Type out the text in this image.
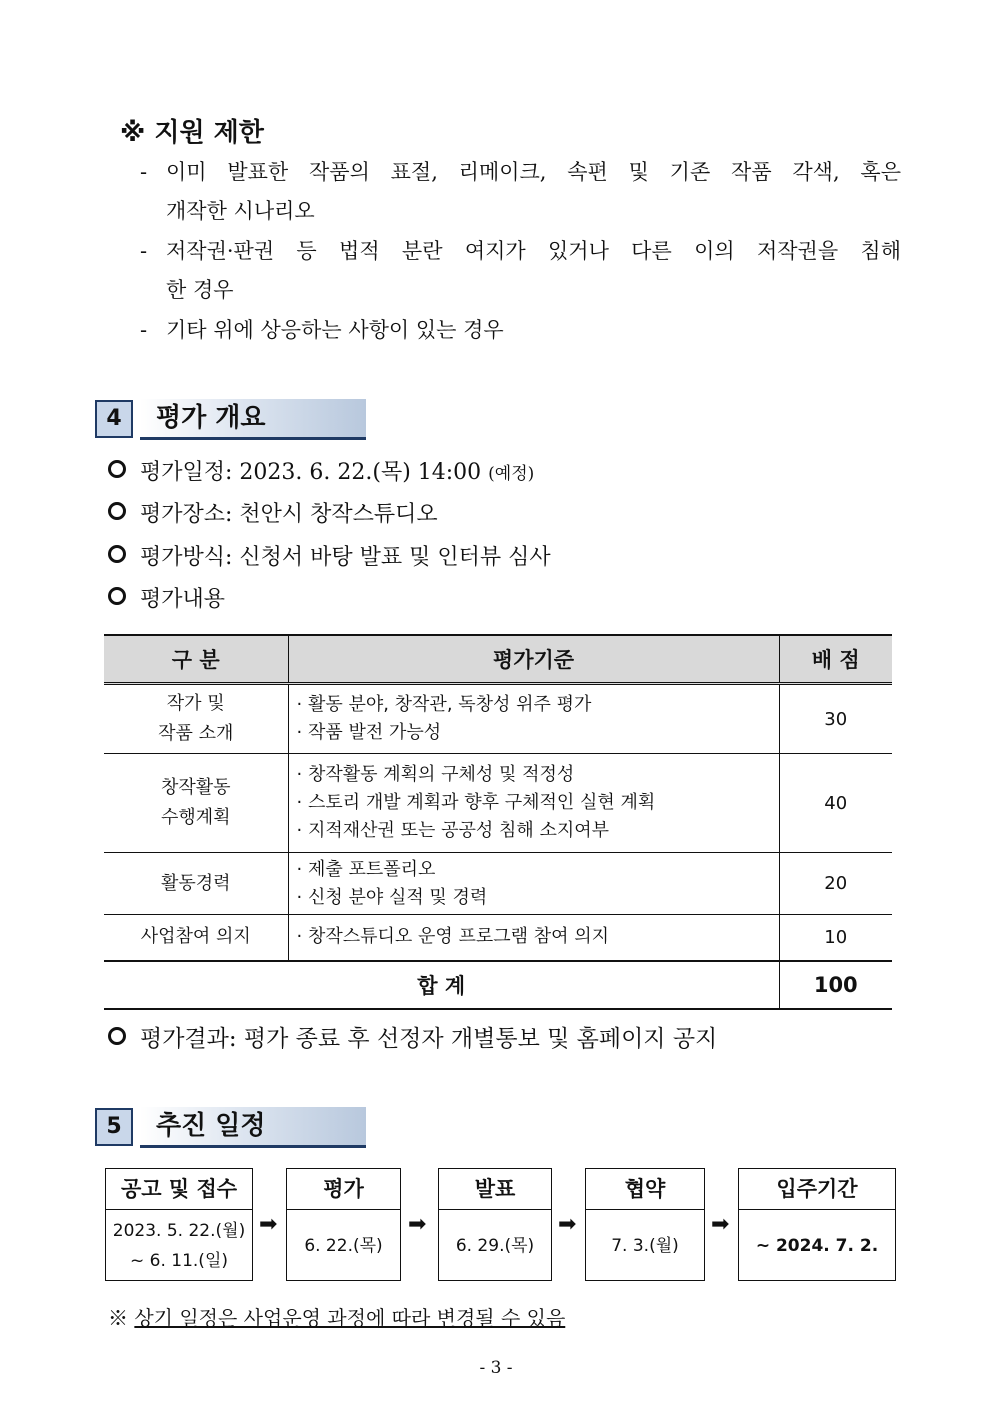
※ 지원 제한
- 이미 발표한 작품의 표절, 리메이크, 속편 및 기존 작품 각색, 혹은
개작한 시나리오
- 저작권·판권 등 법적 분란 여지가 있거나 다른 이의 저작권을 침해
한 경우
- 기타 위에 상응하는 사항이 있는 경우
4	평가 개요
평가일정: 2023. 6. 22.(목) 14:00 (예정)
평가장소: 천안시 창작스튜디오
평가방식: 신청서 바탕 발표 및 인터뷰 심사
평가내용
구 분	평가기준	배 점

작가 및
작품 소개	· 활동 분야, 창작관, 독창성 위주 평가
· 작품 발전 가능성	30

창작활동
수행계획	· 창작활동 계획의 구체성 및 적정성
· 스토리 개발 계획과 향후 구체적인 실현 계획
· 지적재산권 또는 공공성 침해 소지여부	40
활동경력	· 제출 포트폴리오
· 신청 분야 실적 및 경력	20
사업참여 의지	· 창작스튜디오 운영 프로그램 참여 의지	10
합 계		100
평가결과: 평가 종료 후 선정자 개별통보 및 홈페이지 공지
5	추진 일정
공고 및 접수
2023. 5. 22.(월)
~ 6. 11.(일)
➡
평가
6. 22.(목)
➡
발표
6. 29.(목)
➡
협약
7. 3.(월)
➡
입주기간
~ 2024. 7. 2.
※ 상기 일정은 사업운영 과정에 따라 변경될 수 있음
- 3 -
